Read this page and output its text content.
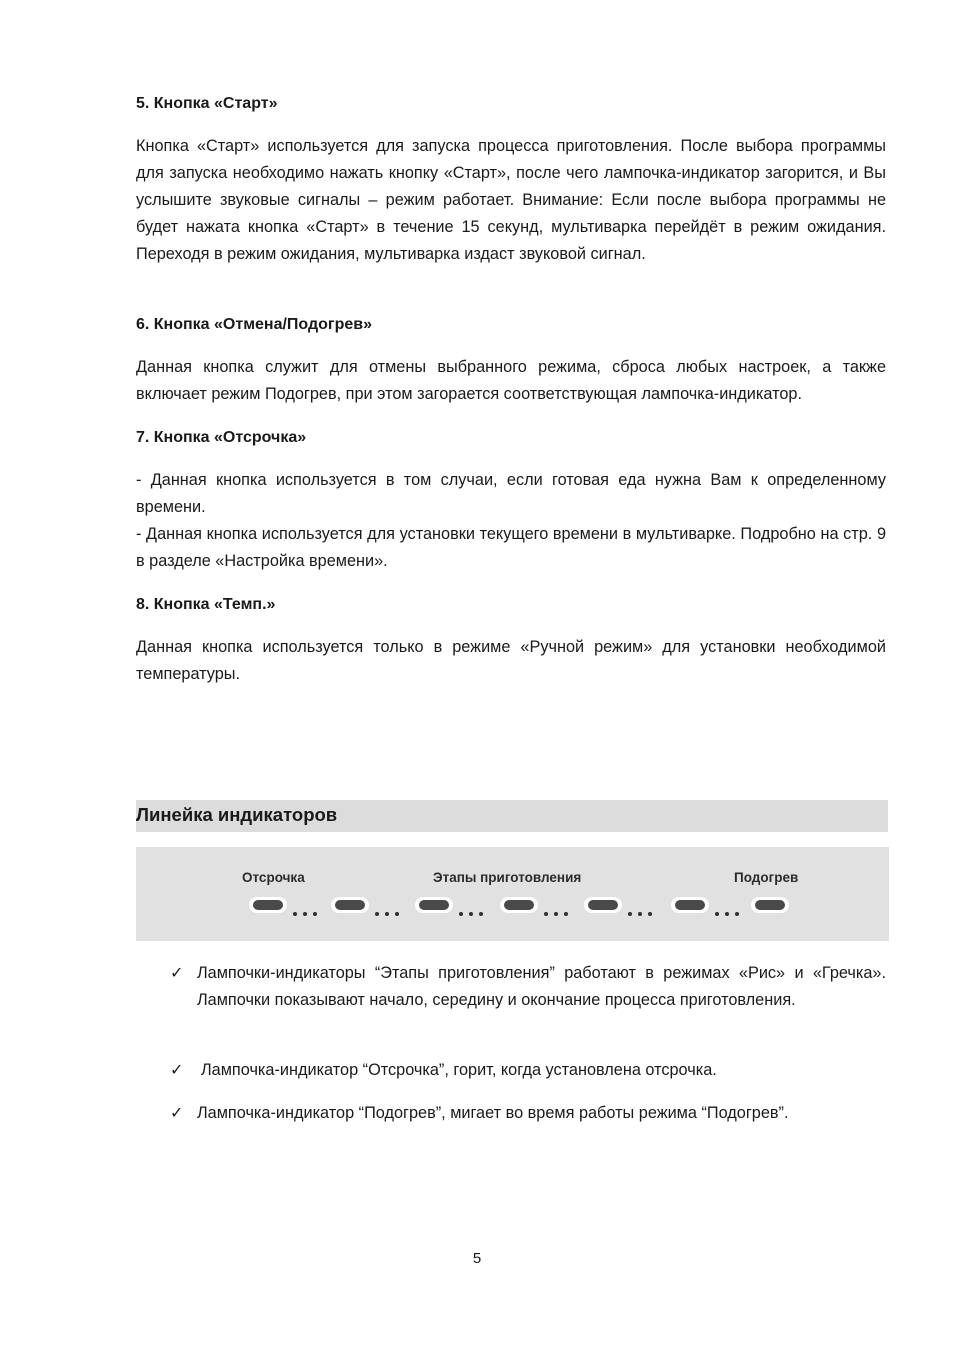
5. Кнопка «Старт»

Кнопка «Старт» используется для запуска процесса приготовления. После выбора программы для запуска необходимо нажать кнопку «Старт», после чего лампочка-индикатор загорится, и Вы услышите звуковые сигналы – режим работает. Внимание: Если после выбора программы не будет нажата кнопка «Старт» в течение 15 секунд, мультиварка перейдёт в режим ожидания. Переходя в режим ожидания, мультиварка издаст звуковой сигнал.

6. Кнопка «Отмена/Подогрев»

Данная кнопка служит для отмены выбранного режима, сброса любых настроек, а также включает режим Подогрев, при этом загорается соответствующая лампочка-индикатор.

7. Кнопка «Отсрочка»

- Данная кнопка используется в том случаи, если готовая еда нужна Вам к определенному времени.

- Данная кнопка используется для установки текущего времени в мультиварке. Подробно на стр. 9 в разделе «Настройка времени».

8. Кнопка «Темп.»

Данная кнопка используется только в режиме «Ручной режим» для установки необходимой температуры.

Линейка индикаторов
Отсрочка	Этапы приготовления	Подогрев
✓ Лампочки-индикаторы “Этапы приготовления” работают в режимах «Рис» и «Гречка». Лампочки показывают начало, середину и окончание процесса приготовления.

✓	Лампочка-индикатор “Отсрочка”, горит, когда установлена отсрочка.

✓ Лампочка-индикатор “Подогрев”, мигает во время работы режима “Подогрев”.

5
